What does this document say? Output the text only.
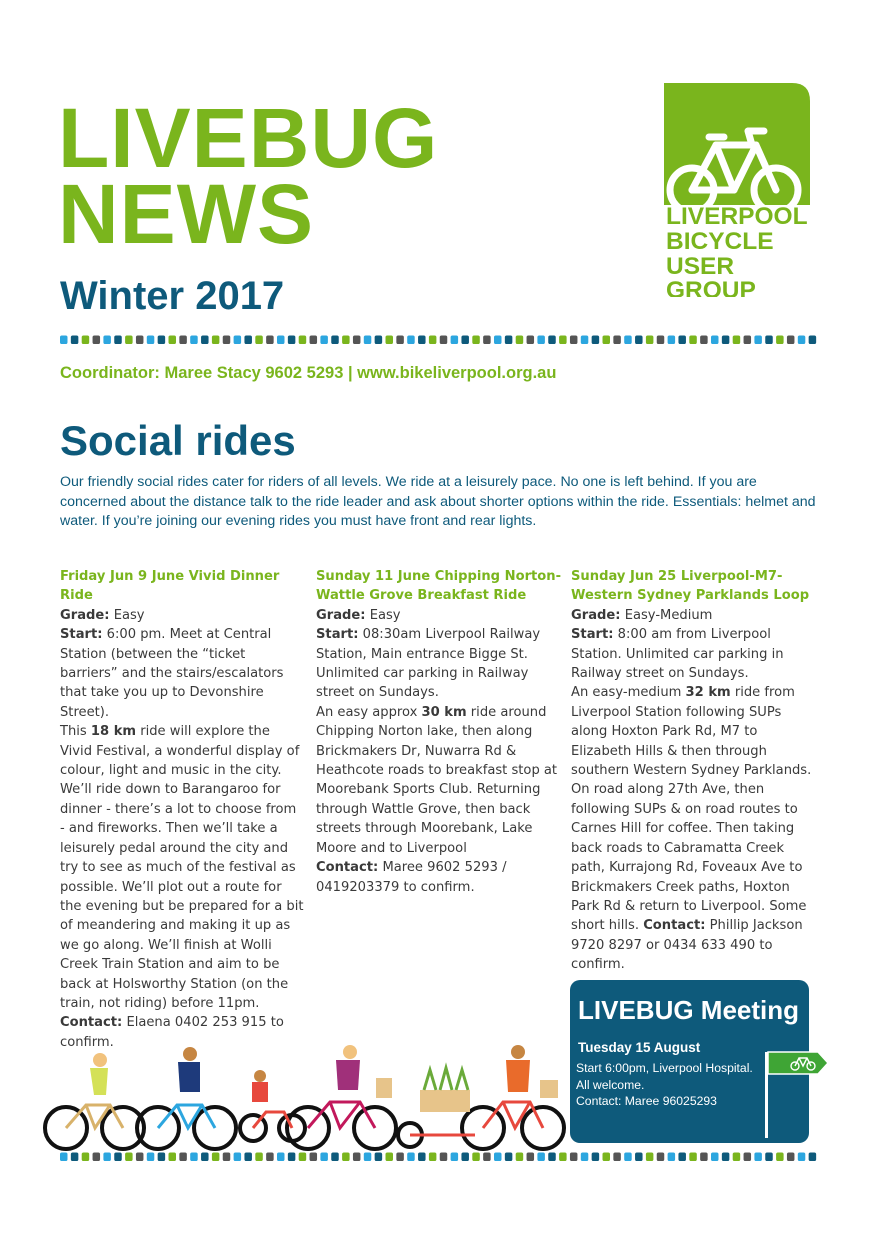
LIVEBUG
NEWS

Winter 2017

LIVERPOOL
BICYCLE
USER
GROUP

Coordinator: Maree Stacy 9602 5293 | www.bikeliverpool.org.au

Social rides

Our friendly social rides cater for riders of all levels. We ride at a leisurely pace. No one is left behind. If you are concerned about the distance talk to the ride leader and ask about shorter options within the ride. Essentials: helmet and water. If you’re joining our evening rides you must have front and rear lights.

Friday Jun 9 June Vivid Dinner Ride

Grade: Easy

Start: 6:00 pm. Meet at Central Station (between the “ticket barriers” and the stairs/escalators that take you up to Devonshire Street).

This 18 km ride will explore the Vivid Festival, a wonderful display of colour, light and music in the city. We’ll ride down to Barangaroo for dinner - there’s a lot to choose from - and fireworks. Then we’ll take a leisurely pedal around the city and try to see as much of the festival as possible. We’ll plot out a route for the evening but be prepared for a bit of meandering and making it up as we go along. We’ll finish at Wolli Creek Train Station and aim to be back at Holsworthy Station (on the train, not riding) before 11pm.

Contact: Elaena 0402 253 915 to confirm.

Sunday 11 June Chipping Norton-Wattle Grove Breakfast Ride

Grade: Easy

Start: 08:30am Liverpool Railway Station, Main entrance Bigge St. Unlimited car parking in Railway street on Sundays.

An easy approx 30 km ride around Chipping Norton lake, then along Brickmakers Dr, Nuwarra Rd & Heathcote roads to breakfast stop at Moorebank Sports Club. Returning through Wattle Grove, then back streets through Moorebank, Lake Moore and to Liverpool

Contact: Maree 9602 5293 / 0419203379 to confirm.

Sunday Jun 25 Liverpool-M7-Western Sydney Parklands Loop

Grade: Easy-Medium

Start: 8:00 am from Liverpool Station. Unlimited car parking in Railway street on Sundays.

An easy-medium 32 km ride from Liverpool Station following SUPs along Hoxton Park Rd, M7 to Elizabeth Hills & then through southern Western Sydney Parklands. On road along 27th Ave, then following SUPs & on road routes to Carnes Hill for coffee. Then taking back roads to Cabramatta Creek path, Kurrajong Rd, Foveaux Ave to Brickmakers Creek paths, Hoxton Park Rd & return to Liverpool. Some short hills. Contact: Phillip Jackson 9720 8297 or 0434 633 490 to confirm.

LIVEBUG Meeting

Tuesday 15 August

Start 6:00pm, Liverpool Hospital.
All welcome.
Contact: Maree 96025293
